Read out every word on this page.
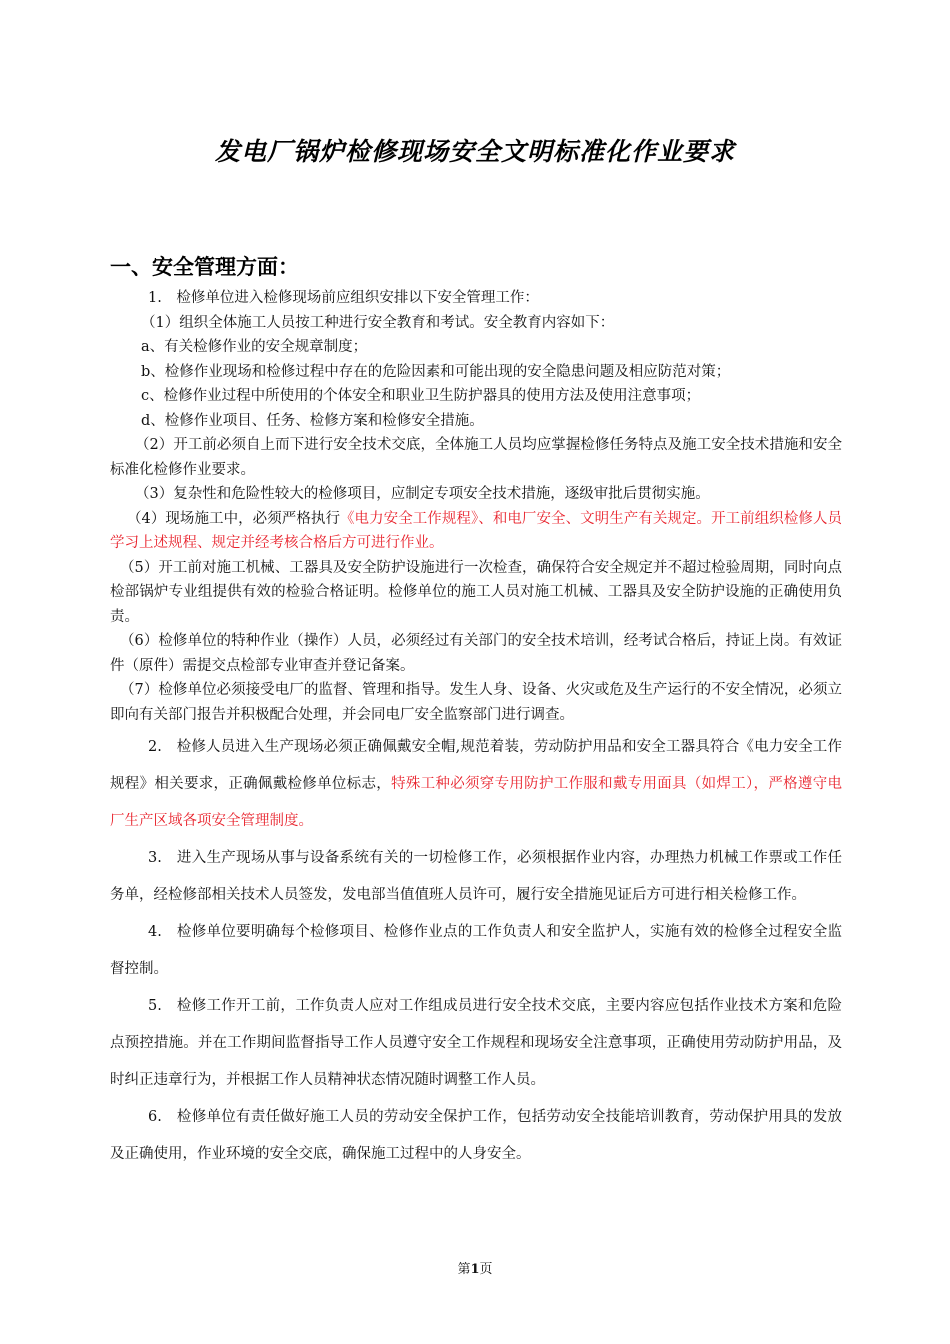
发电厂锅炉检修现场安全文明标准化作业要求
一、安全管理方面：

1.　检修单位进入检修现场前应组织安排以下安全管理工作：

（1）组织全体施工人员按工种进行安全教育和考试。安全教育内容如下：

a、有关检修作业的安全规章制度；

b、检修作业现场和检修过程中存在的危险因素和可能出现的安全隐患问题及相应防范对策；

c、检修作业过程中所使用的个体安全和职业卫生防护器具的使用方法及使用注意事项；

d、检修作业项目、任务、检修方案和检修安全措施。

（2）开工前必须自上而下进行安全技术交底，全体施工人员均应掌握检修任务特点及施工安全技术措施和安全标准化检修作业要求。

（3）复杂性和危险性较大的检修项目，应制定专项安全技术措施，逐级审批后贯彻实施。

（4）现场施工中，必须严格执行《电力安全工作规程》、和电厂安全、文明生产有关规定。开工前组织检修人员学习上述规程、规定并经考核合格后方可进行作业。

（5）开工前对施工机械、工器具及安全防护设施进行一次检查，确保符合安全规定并不超过检验周期，同时向点检部锅炉专业组提供有效的检验合格证明。检修单位的施工人员对施工机械、工器具及安全防护设施的正确使用负责。

（6）检修单位的特种作业（操作）人员，必须经过有关部门的安全技术培训，经考试合格后，持证上岗。有效证件（原件）需提交点检部专业审查并登记备案。

（7）检修单位必须接受电厂的监督、管理和指导。发生人身、设备、火灾或危及生产运行的不安全情况，必须立即向有关部门报告并积极配合处理，并会同电厂安全监察部门进行调查。

2.　检修人员进入生产现场必须正确佩戴安全帽,规范着装，劳动防护用品和安全工器具符合《电力安全工作规程》相关要求，正确佩戴检修单位标志，特殊工种必须穿专用防护工作服和戴专用面具（如焊工），严格遵守电厂生产区域各项安全管理制度。

3.　进入生产现场从事与设备系统有关的一切检修工作，必须根据作业内容，办理热力机械工作票或工作任务单，经检修部相关技术人员签发，发电部当值值班人员许可，履行安全措施见证后方可进行相关检修工作。

4.　检修单位要明确每个检修项目、检修作业点的工作负责人和安全监护人，实施有效的检修全过程安全监督控制。

5.　检修工作开工前，工作负责人应对工作组成员进行安全技术交底，主要内容应包括作业技术方案和危险点预控措施。并在工作期间监督指导工作人员遵守安全工作规程和现场安全注意事项，正确使用劳动防护用品，及时纠正违章行为，并根据工作人员精神状态情况随时调整工作人员。

6.　检修单位有责任做好施工人员的劳动安全保护工作，包括劳动安全技能培训教育，劳动保护用具的发放及正确使用，作业环境的安全交底，确保施工过程中的人身安全。

第1页
